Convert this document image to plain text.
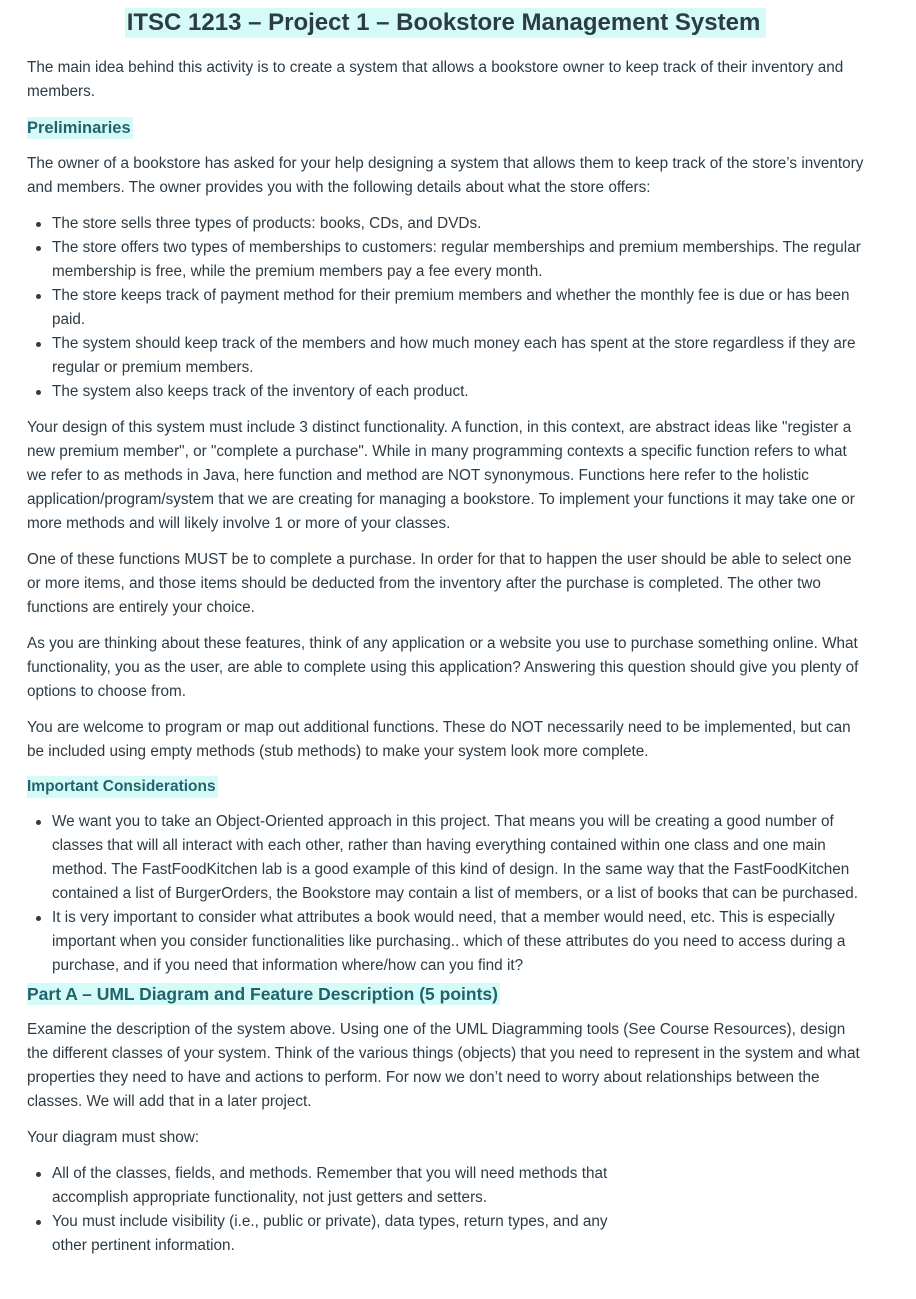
ITSC 1213 – Project 1 – Bookstore Management System

The main idea behind this activity is to create a system that allows a bookstore owner to keep track of their inventory and members.

Preliminaries

The owner of a bookstore has asked for your help designing a system that allows them to keep track of the store’s inventory and members. The owner provides you with the following details about what the store offers:

The store sells three types of products: books, CDs, and DVDs.
The store offers two types of memberships to customers: regular memberships and premium memberships. The regular membership is free, while the premium members pay a fee every month.
The store keeps track of payment method for their premium members and whether the monthly fee is due or has been paid.
The system should keep track of the members and how much money each has spent at the store regardless if they are regular or premium members.
The system also keeps track of the inventory of each product.

Your design of this system must include 3 distinct functionality. A function, in this context, are abstract ideas like "register a new premium member", or "complete a purchase". While in many programming contexts a specific function refers to what we refer to as methods in Java, here function and method are NOT synonymous. Functions here refer to the holistic application/program/system that we are creating for managing a bookstore. To implement your functions it may take one or more methods and will likely involve 1 or more of your classes.

One of these functions MUST be to complete a purchase. In order for that to happen the user should be able to select one or more items, and those items should be deducted from the inventory after the purchase is completed. The other two functions are entirely your choice.

As you are thinking about these features, think of any application or a website you use to purchase something online. What functionality, you as the user, are able to complete using this application? Answering this question should give you plenty of options to choose from.

You are welcome to program or map out additional functions. These do NOT necessarily need to be implemented, but can be included using empty methods (stub methods) to make your system look more complete.

Important Considerations
We want you to take an Object-Oriented approach in this project. That means you will be creating a good number of classes that will all interact with each other, rather than having everything contained within one class and one main method. The FastFoodKitchen lab is a good example of this kind of design. In the same way that the FastFoodKitchen contained a list of BurgerOrders, the Bookstore may contain a list of members, or a list of books that can be purchased.
It is very important to consider what attributes a book would need, that a member would need, etc. This is especially important when you consider functionalities like purchasing.. which of these attributes do you need to access during a purchase, and if you need that information where/how can you find it?
Part A – UML Diagram and Feature Description (5 points)

Examine the description of the system above. Using one of the UML Diagramming tools (See Course Resources), design the different classes of your system. Think of the various things (objects) that you need to represent in the system and what properties they need to have and actions to perform. For now we don’t need to worry about relationships between the classes. We will add that in a later project.

Your diagram must show:

All of the classes, fields, and methods. Remember that you will need methods that accomplish appropriate functionality, not just getters and setters.
You must include visibility (i.e., public or private), data types, return types, and any other pertinent information.
